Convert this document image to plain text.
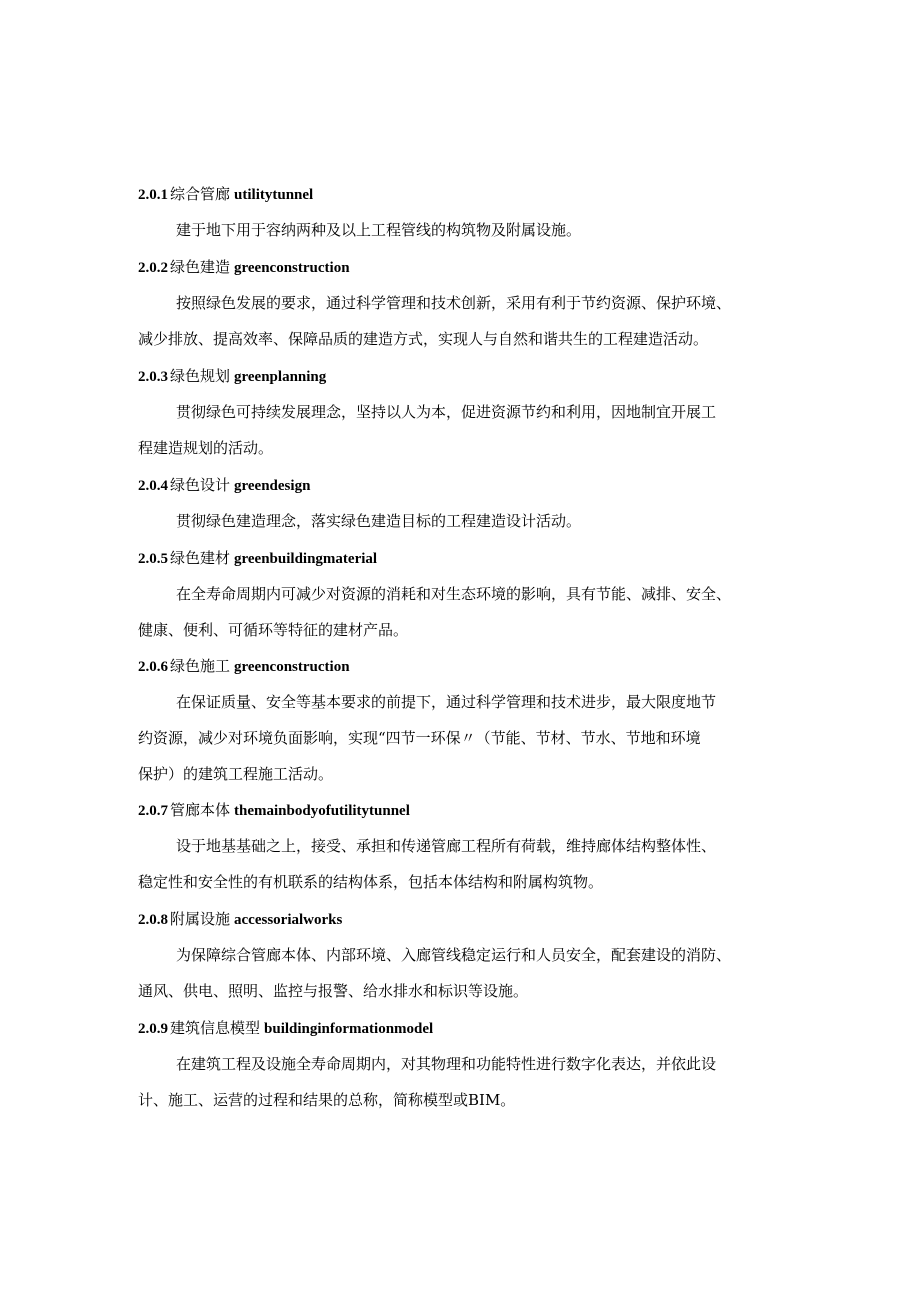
2.0.1 综合管廊 utilitytunnel
建于地下用于容纳两种及以上工程管线的构筑物及附属设施。
2.0.2 绿色建造 greenconstruction
按照绿色发展的要求，通过科学管理和技术创新，采用有利于节约资源、保护环境、
减少排放、提高效率、保障品质的建造方式，实现人与自然和谐共生的工程建造活动。
2.0.3 绿色规划 greenplanning
贯彻绿色可持续发展理念，坚持以人为本，促进资源节约和利用，因地制宜开展工
程建造规划的活动。
2.0.4 绿色设计 greendesign
贯彻绿色建造理念，落实绿色建造目标的工程建造设计活动。
2.0.5 绿色建材 greenbuildingmaterial
在全寿命周期内可减少对资源的消耗和对生态环境的影响，具有节能、减排、安全、
健康、便利、可循环等特征的建材产品。
2.0.6 绿色施工 greenconstruction
在保证质量、安全等基本要求的前提下，通过科学管理和技术进步，最大限度地节
约资源，减少对环境负面影响，实现“四节一环保〃（节能、节材、节水、节地和环境
保护）的建筑工程施工活动。
2.0.7 管廊本体 themainbodyofutilitytunnel
设于地基基础之上，接受、承担和传递管廊工程所有荷载，维持廊体结构整体性、
稳定性和安全性的有机联系的结构体系，包括本体结构和附属构筑物。
2.0.8 附属设施 accessorialworks
为保障综合管廊本体、内部环境、入廊管线稳定运行和人员安全，配套建设的消防、
通风、供电、照明、监控与报警、给水排水和标识等设施。
2.0.9 建筑信息模型 buildinginformationmodel
在建筑工程及设施全寿命周期内，对其物理和功能特性进行数字化表达，并依此设
计、施工、运营的过程和结果的总称，简称模型或BIM。
